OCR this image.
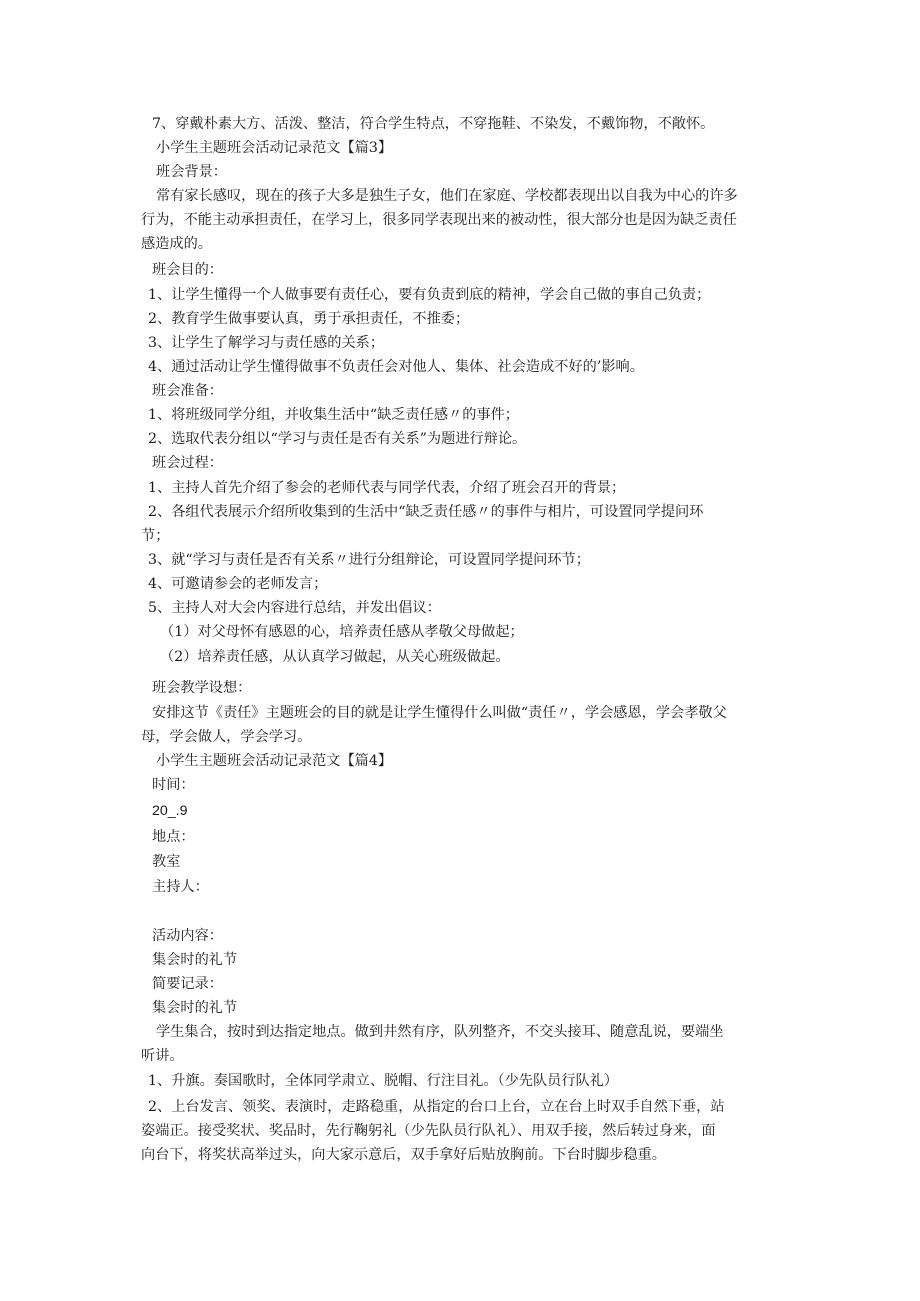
7、穿戴朴素大方、活泼、整洁，符合学生特点，不穿拖鞋、不染发，不戴饰物，不敞怀。
小学生主题班会活动记录范文【篇3】
班会背景：
常有家长感叹，现在的孩子大多是独生子女，他们在家庭、学校都表现出以自我为中心的许多
行为，不能主动承担责任，在学习上，很多同学表现出来的被动性，很大部分也是因为缺乏责任
感造成的。
班会目的：
1、让学生懂得一个人做事要有责任心，要有负责到底的精神，学会自己做的事自己负责；
2、教育学生做事要认真，勇于承担责任，不推委；
3、让学生了解学习与责任感的关系；
4、通过活动让学生懂得做事不负责任会对他人、集体、社会造成不好的’影响。
班会准备：
1、将班级同学分组，并收集生活中“缺乏责任感〃的事件；
2、选取代表分组以“学习与责任是否有关系”为题进行辩论。
班会过程：
1、主持人首先介绍了参会的老师代表与同学代表，介绍了班会召开的背景；
2、各组代表展示介绍所收集到的生活中“缺乏责任感〃的事件与相片，可设置同学提问环
节；
3、就“学习与责任是否有关系〃进行分组辩论，可设置同学提问环节；
4、可邀请参会的老师发言；
5、主持人对大会内容进行总结，并发出倡议：
（1）对父母怀有感恩的心，培养责任感从孝敬父母做起；
（2）培养责任感，从认真学习做起，从关心班级做起。
班会教学设想：
安排这节《责任》主题班会的目的就是让学生懂得什么叫做“责任〃，学会感恩，学会孝敬父
母，学会做人，学会学习。
小学生主题班会活动记录范文【篇4】
时间：
20_.9
地点：
教室
主持人：
活动内容：
集会时的礼节
简要记录：
集会时的礼节
学生集合，按时到达指定地点。做到井然有序，队列整齐，不交头接耳、随意乱说，要端坐
听讲。
1、升旗。奏国歌时，全体同学肃立、脱帽、行注目礼。（少先队员行队礼）
2、上台发言、领奖、表演时，走路稳重，从指定的台口上台，立在台上时双手自然下垂，站
姿端正。接受奖状、奖品时，先行鞠躬礼（少先队员行队礼）、用双手接，然后转过身来，面
向台下，将奖状高举过头，向大家示意后，双手拿好后贴放胸前。下台时脚步稳重。
